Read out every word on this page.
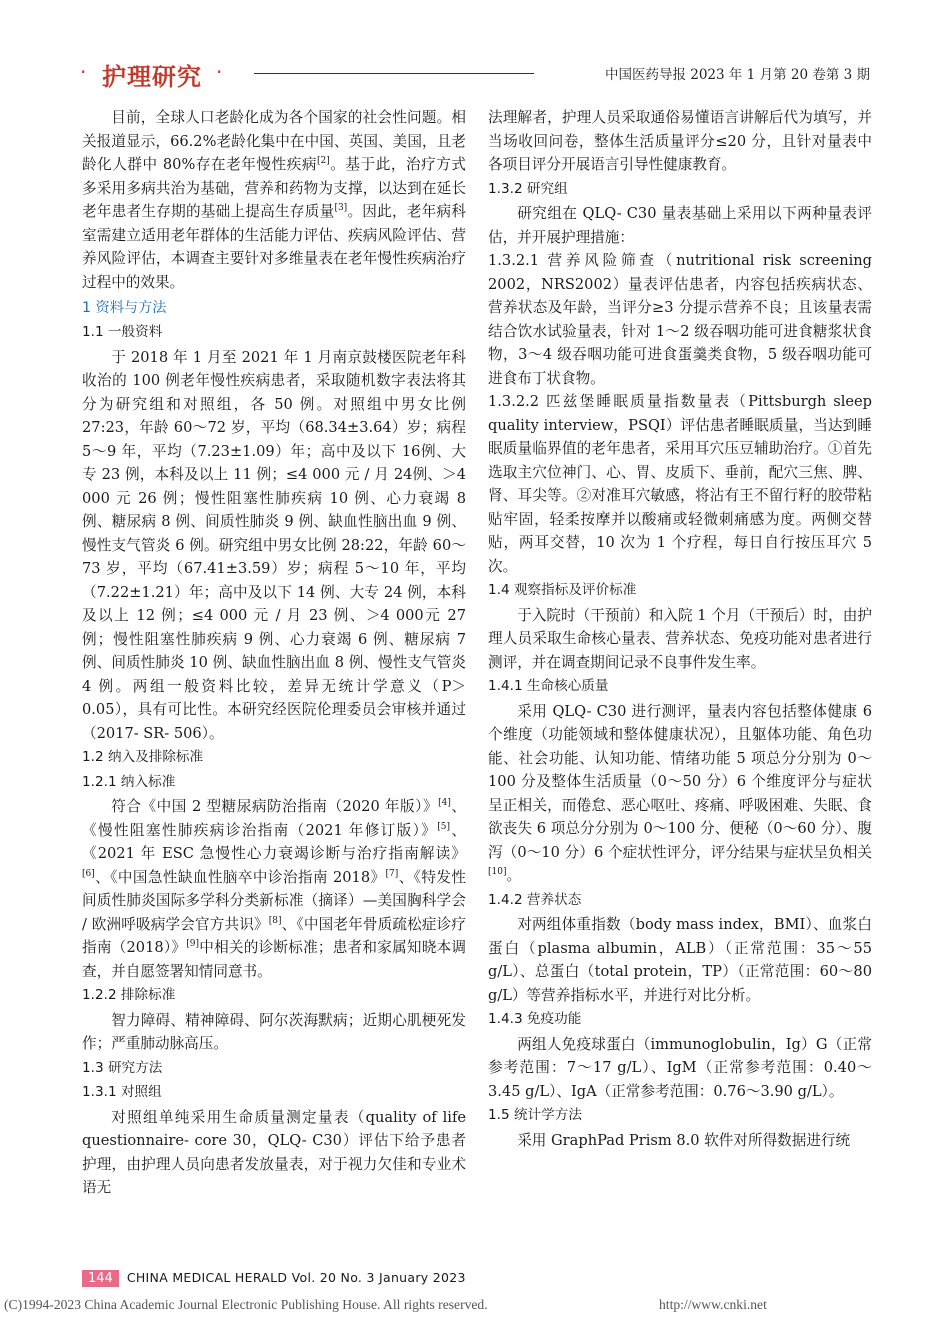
· 护理研究 ·	中国医药导报 2023 年 1 月第 20 卷第 3 期

目前，全球人口老龄化成为各个国家的社会性问题。相关报道显示，66.2%老龄化集中在中国、英国、美国，且老龄化人群中 80%存在老年慢性疾病[2]。基于此，治疗方式多采用多病共治为基础，营养和药物为支撑，以达到在延长老年患者生存期的基础上提高生存质量[3]。因此，老年病科室需建立适用老年群体的生活能力评估、疾病风险评估、营养风险评估，本调查主要针对多维量表在老年慢性疾病治疗过程中的效果。

1 资料与方法
1.1 一般资料

于 2018 年 1 月至 2021 年 1 月南京鼓楼医院老年科收治的 100 例老年慢性疾病患者，采取随机数字表法将其分为研究组和对照组，各 50 例。对照组中男女比例 27:23，年龄 60～72 岁，平均（68.34±3.64）岁；病程 5～9 年，平均（7.23±1.09）年；高中及以下 16例、大专 23 例，本科及以上 11 例；≤4 000 元 / 月 24例、＞4 000 元 26 例；慢性阻塞性肺疾病 10 例、心力衰竭 8 例、糖尿病 8 例、间质性肺炎 9 例、缺血性脑出血 9 例、慢性支气管炎 6 例。研究组中男女比例 28:22，年龄 60～73 岁，平均（67.41±3.59）岁；病程 5～10 年，平均（7.22±1.21）年；高中及以下 14 例、大专 24 例，本科及以上 12 例；≤4 000 元 / 月 23 例、＞4 000元 27 例；慢性阻塞性肺疾病 9 例、心力衰竭 6 例、糖尿病 7 例、间质性肺炎 10 例、缺血性脑出血 8 例、慢性支气管炎 4 例。两组一般资料比较，差异无统计学意义（P＞0.05），具有可比性。本研究经医院伦理委员会审核并通过（2017- SR- 506）。

1.2 纳入及排除标准
1.2.1 纳入标准

符合《中国 2 型糖尿病防治指南（2020 年版）》[4]、《慢性阻塞性肺疾病诊治指南（2021 年修订版）》[5]、《2021 年 ESC 急慢性心力衰竭诊断与治疗指南解读》[6]、《中国急性缺血性脑卒中诊治指南 2018》[7]、《特发性间质性肺炎国际多学科分类新标准（摘译）—美国胸科学会 / 欧洲呼吸病学会官方共识》[8]、《中国老年骨质疏松症诊疗指南（2018）》[9]中相关的诊断标准；患者和家属知晓本调查，并自愿签署知情同意书。

1.2.2 排除标准

智力障碍、精神障碍、阿尔茨海默病；近期心肌梗死发作；严重肺动脉高压。

1.3 研究方法
1.3.1 对照组

对照组单纯采用生命质量测定量表（quality of life questionnaire- core 30，QLQ- C30）评估下给予患者护理，由护理人员向患者发放量表，对于视力欠佳和专业术语无

法理解者，护理人员采取通俗易懂语言讲解后代为填写，并当场收回问卷，整体生活质量评分≤20 分，且针对量表中各项目评分开展语言引导性健康教育。

1.3.2 研究组

研究组在 QLQ- C30 量表基础上采用以下两种量表评估，并开展护理措施：

1.3.2.1 营养风险筛查（nutritional risk screening 2002，NRS2002）量表评估患者，内容包括疾病状态、营养状态及年龄，当评分≥3 分提示营养不良；且该量表需结合饮水试验量表，针对 1～2 级吞咽功能可进食糖浆状食物，3～4 级吞咽功能可进食蛋羹类食物，5 级吞咽功能可进食布丁状食物。

1.3.2.2 匹兹堡睡眠质量指数量表（Pittsburgh sleep quality interview，PSQI）评估患者睡眠质量，当达到睡眠质量临界值的老年患者，采用耳穴压豆辅助治疗。①首先选取主穴位神门、心、胃、皮质下、垂前，配穴三焦、脾、肾、耳尖等。②对准耳穴敏感，将沾有王不留行籽的胶带粘贴牢固，轻柔按摩并以酸痛或轻微刺痛感为度。两侧交替贴，两耳交替，10 次为 1 个疗程，每日自行按压耳穴 5 次。

1.4 观察指标及评价标准

于入院时（干预前）和入院 1 个月（干预后）时，由护理人员采取生命核心量表、营养状态、免疫功能对患者进行测评，并在调查期间记录不良事件发生率。

1.4.1 生命核心质量

采用 QLQ- C30 进行测评，量表内容包括整体健康 6 个维度（功能领域和整体健康状况），且躯体功能、角色功能、社会功能、认知功能、情绪功能 5 项总分分别为 0～100 分及整体生活质量（0～50 分）6 个维度评分与症状呈正相关，而倦怠、恶心呕吐、疼痛、呼吸困难、失眠、食欲丧失 6 项总分分别为 0～100 分、便秘（0～60 分）、腹泻（0～10 分）6 个症状性评分，评分结果与症状呈负相关[10]。

1.4.2 营养状态

对两组体重指数（body mass index，BMI）、血浆白蛋白（plasma albumin，ALB）（正常范围：35～55 g/L）、总蛋白（total protein，TP）（正常范围：60～80 g/L）等营养指标水平，并进行对比分析。

1.4.3 免疫功能

两组人免疫球蛋白（immunoglobulin，Ig）G（正常参考范围：7～17 g/L）、IgM（正常参考范围：0.40～3.45 g/L）、IgA（正常参考范围：0.76～3.90 g/L）。

1.5 统计学方法

采用 GraphPad Prism 8.0 软件对所得数据进行统

144 CHINA MEDICAL HERALD Vol. 20 No. 3 January 2023
(C)1994-2023 China Academic Journal Electronic Publishing House. All rights reserved.	http://www.cnki.net
